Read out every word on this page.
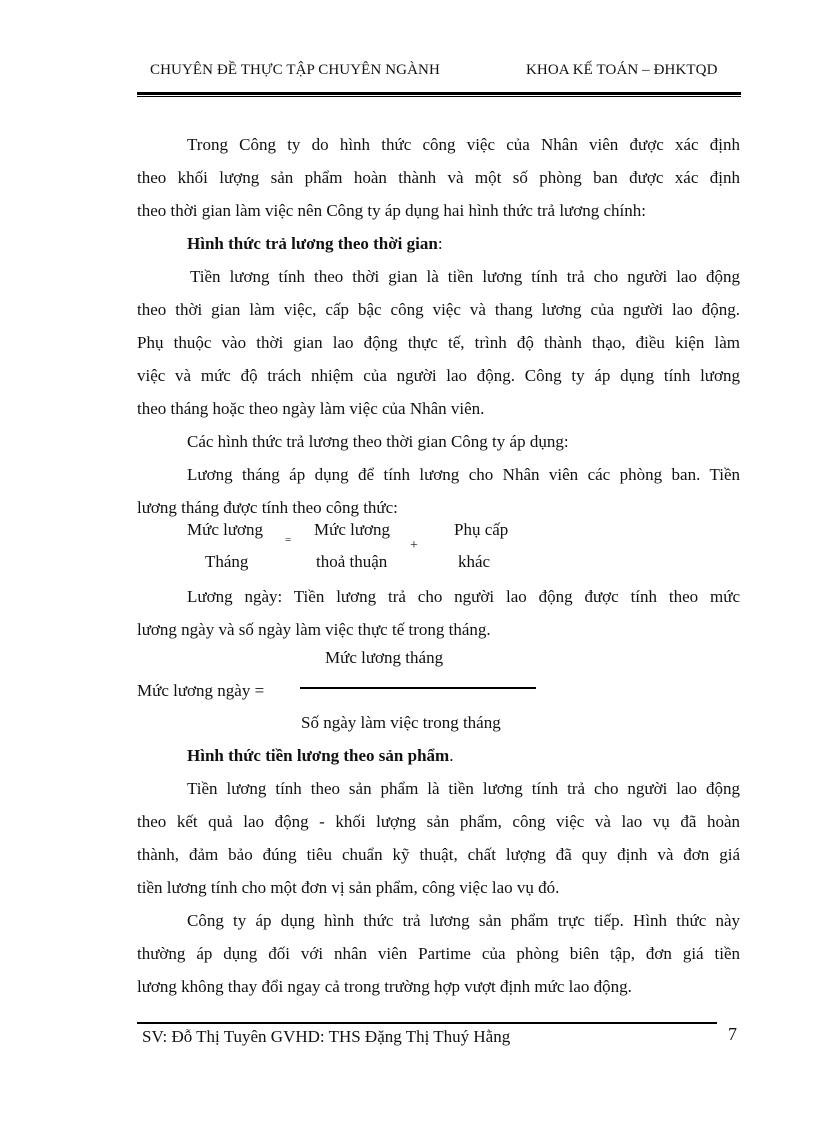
CHUYÊN ĐỀ THỰC TẬP CHUYÊN NGÀNH	KHOA KẾ TOÁN – ĐHKTQD
Trong Công ty do hình thức công việc của Nhân viên được xác định
theo khối lượng sản phẩm hoàn thành và một số phòng ban được xác định
theo thời gian làm việc nên Công ty áp dụng hai hình thức trả lương chính:
Hình thức trả lương theo thời gian:
Tiền lương tính theo thời gian là tiền lương tính trả cho người lao động
theo thời gian làm việc, cấp bậc công việc và thang lương của người lao động.
Phụ thuộc vào thời gian lao động thực tế, trình độ thành thạo, điều kiện làm
việc và mức độ trách nhiệm của người lao động. Công ty áp dụng tính lương
theo tháng hoặc theo ngày làm việc của Nhân viên.
Các hình thức trả lương theo thời gian Công ty áp dụng:
Lương tháng áp dụng để tính lương cho Nhân viên các phòng ban. Tiền
lương tháng được tính theo công thức:
Mức lương
Tháng
=
Mức lương
thoả thuận
+
Phụ cấp
khác
Lương ngày: Tiền lương trả cho người lao động được tính theo mức
lương ngày và số ngày làm việc thực tế trong tháng.
Mức lương tháng
Mức lương ngày =
Số ngày làm việc trong tháng
Hình thức tiền lương theo sản phẩm.
Tiền lương tính theo sản phẩm là tiền lương tính trả cho người lao động
theo kết quả lao động - khối lượng sản phẩm, công việc và lao vụ đã hoàn
thành, đảm bảo đúng tiêu chuẩn kỹ thuật, chất lượng đã quy định và đơn giá
tiền lương tính cho một đơn vị sản phẩm, công việc lao vụ đó.
Công ty áp dụng hình thức trả lương sản phẩm trực tiếp. Hình thức này
thường áp dụng đối với nhân viên Partime của phòng biên tập, đơn giá tiền
lương không thay đổi ngay cả trong trường hợp vượt định mức lao động.
SV: Đỗ Thị Tuyên GVHD: THS Đặng Thị Thuý Hằng	7
